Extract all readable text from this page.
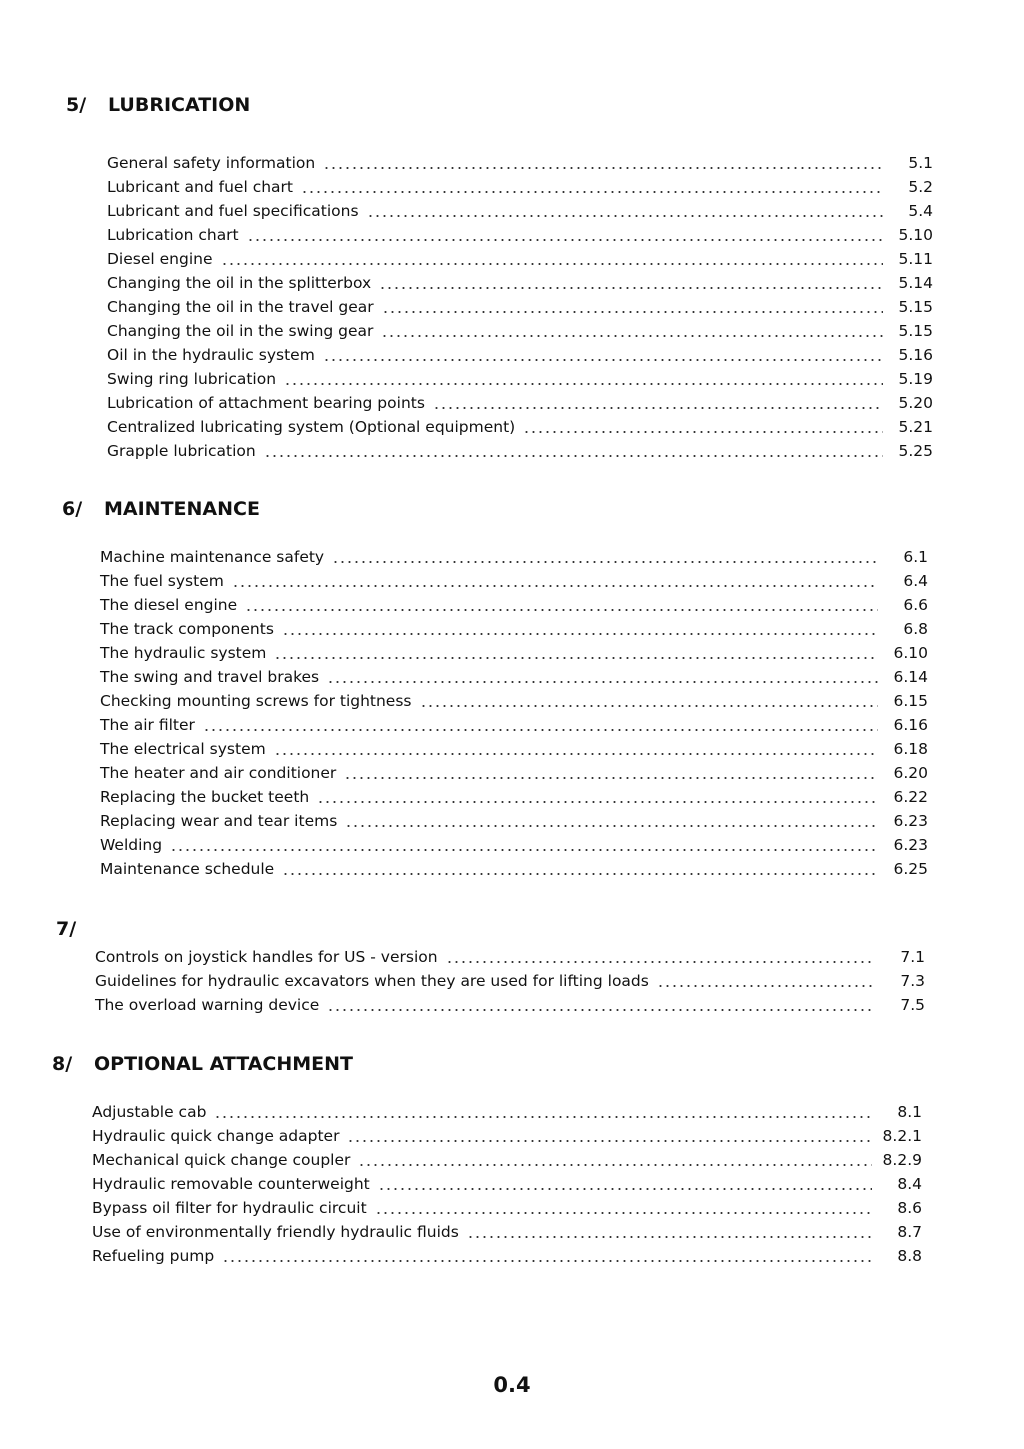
5/ LUBRICATION
General safety information	5.1
Lubricant and fuel chart	5.2
Lubricant and fuel specifications	5.4
Lubrication chart	5.10
Diesel engine	5.11
Changing the oil in the splitterbox	5.14
Changing the oil in the travel gear	5.15
Changing the oil in the swing gear	5.15
Oil in the hydraulic system	5.16
Swing ring lubrication	5.19
Lubrication of attachment bearing points	5.20
Centralized lubricating system (Optional equipment)	5.21
Grapple lubrication	5.25
6/ MAINTENANCE
Machine maintenance safety	6.1
The fuel system	6.4
The diesel engine	6.6
The track components	6.8
The hydraulic system	6.10
The swing and travel brakes	6.14
Checking mounting screws for tightness	6.15
The air filter	6.16
The electrical system	6.18
The heater and air conditioner	6.20
Replacing the bucket teeth	6.22
Replacing wear and tear items	6.23
Welding	6.23
Maintenance schedule	6.25
7/
Controls on joystick handles for US - version	7.1
Guidelines for hydraulic excavators when they are used for lifting loads	7.3
The overload warning device	7.5
8/ OPTIONAL ATTACHMENT
Adjustable cab	8.1
Hydraulic quick change adapter	8.2.1
Mechanical quick change coupler	8.2.9
Hydraulic removable counterweight	8.4
Bypass oil filter for hydraulic circuit	8.6
Use of environmentally friendly hydraulic fluids	8.7
Refueling pump	8.8
0.4
